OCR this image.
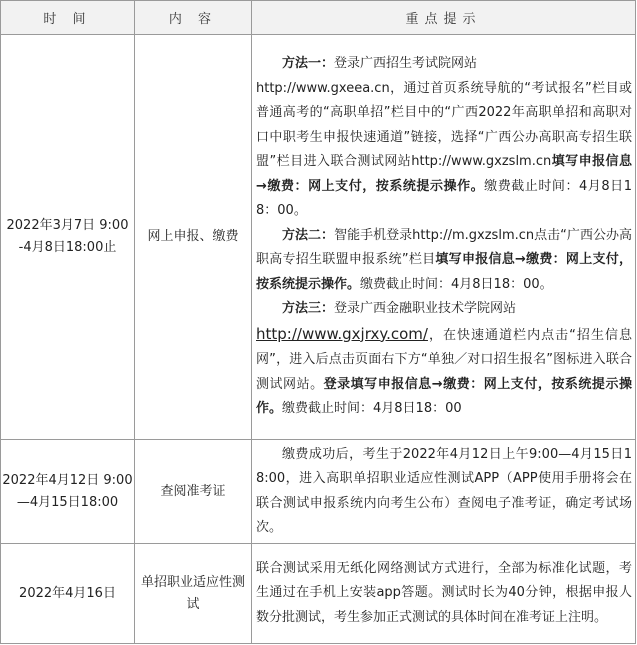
时 间	内 容	重点提示
2022年3月7日 9:00 -4月8日18:00止	网上申报、缴费	方法一：登录广西招生考试院网站

http://www.gxeea.cn，通过首页系统导航的“考试报名”栏目或普通高考的“高职单招”栏目中的“广西2022年高职单招和高职对口中职考生申报快速通道”链接，选择“广西公办高职高专招生联盟”栏目进入联合测试网站http://www.gxzslm.cn填写申报信息→缴费：网上支付，按系统提示操作。缴费截止时间：4月8日18：00。

方法二：智能手机登录http://m.gxzslm.cn点击“广西公办高职高专招生联盟申报系统”栏目填写申报信息→缴费：网上支付，按系统提示操作。缴费截止时间：4月8日18：00。

方法三：登录广西金融职业技术学院网站

http://www.gxjrxy.com/，在快速通道栏内点击“招生信息网”，进入后点击页面右下方“单独／对口招生报名”图标进入联合测试网站。登录填写申报信息→缴费：网上支付，按系统提示操作。缴费截止时间：4月8日18：00

2022年4月12日 9:00—4月15日18:00	查阅准考证	缴费成功后，考生于2022年4月12日上午9:00—4月15日18:00，进入高职单招职业适应性测试APP（APP使用手册将会在联合测试申报系统内向考生公布）查阅电子准考证，确定考试场次。

2022年4月16日	单招职业适应性测试	联合测试采用无纸化网络测试方式进行，全部为标准化试题，考生通过在手机上安装app答题。测试时长为40分钟，根据申报人数分批测试，考生参加正式测试的具体时间在准考证上注明。
